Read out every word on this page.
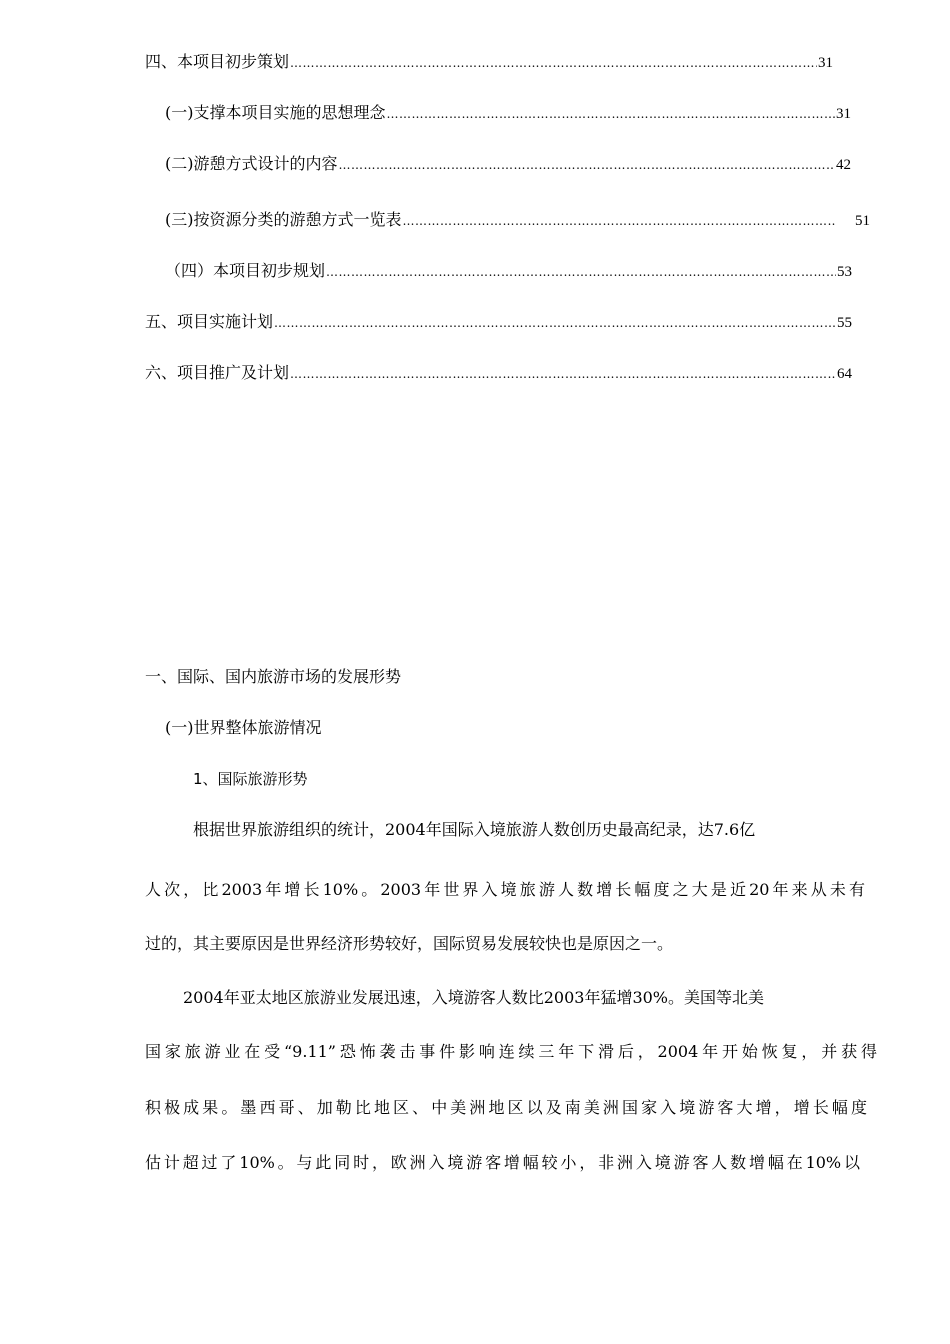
四、本项目初步策划 ……………………………………………………………………………………………………………………………………………………………………………………………………………………	31
(一)支撑本项目实施的思想理念 ……………………………………………………………………………………………………………………………………………………………………………………………………………………	31
(二)游憩方式设计的内容 ……………………………………………………………………………………………………………………………………………………………………………………………………………………	42
(三)按资源分类的游憩方式一览表 ……………………………………………………………………………………………………………………………………………………………………………………………………………………	51
（四）本项目初步规划 ……………………………………………………………………………………………………………………………………………………………………………………………………………………	53
五、项目实施计划 ……………………………………………………………………………………………………………………………………………………………………………………………………………………	55
六、项目推广及计划 ……………………………………………………………………………………………………………………………………………………………………………………………………………………	64
一、国际、国内旅游市场的发展形势
(一)世界整体旅游情况
1、国际旅游形势
根据世界旅游组织的统计，2004年国际入境旅游人数创历史最高纪录，达7.6亿
人次，比2003年增长10%。2003年世界入境旅游人数增长幅度之大是近20年来从未有
过的，其主要原因是世界经济形势较好，国际贸易发展较快也是原因之一。
2004年亚太地区旅游业发展迅速，入境游客人数比2003年猛增30%。美国等北美
国家旅游业在受“9.11”恐怖袭击事件影响连续三年下滑后，2004年开始恢复，并获得
积极成果。墨西哥、加勒比地区、中美洲地区以及南美洲国家入境游客大增，增长幅度
估计超过了10%。与此同时，欧洲入境游客增幅较小，非洲入境游客人数增幅在10%以
